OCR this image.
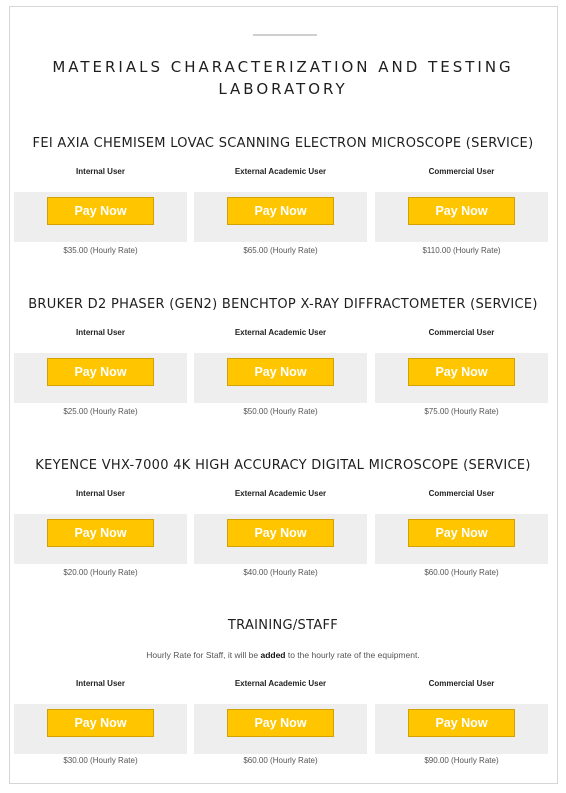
MATERIALS CHARACTERIZATION AND TESTING
LABORATORY
FEI AXIA CHEMISEM LOVAC SCANNING ELECTRON MICROSCOPE (SERVICE)
Internal User
Pay Now
$35.00 (Hourly Rate)
External Academic User
Pay Now
$65.00 (Hourly Rate)
Commercial User
Pay Now
$110.00 (Hourly Rate)
BRUKER D2 PHASER (GEN2) BENCHTOP X-RAY DIFFRACTOMETER (SERVICE)
Internal User
Pay Now
$25.00 (Hourly Rate)
External Academic User
Pay Now
$50.00 (Hourly Rate)
Commercial User
Pay Now
$75.00 (Hourly Rate)
KEYENCE VHX-7000 4K HIGH ACCURACY DIGITAL MICROSCOPE (SERVICE)
Internal User
Pay Now
$20.00 (Hourly Rate)
External Academic User
Pay Now
$40.00 (Hourly Rate)
Commercial User
Pay Now
$60.00 (Hourly Rate)
TRAINING/STAFF
Hourly Rate for Staff, it will be added to the hourly rate of the equipment.
Internal User
Pay Now
$30.00 (Hourly Rate)
External Academic User
Pay Now
$60.00 (Hourly Rate)
Commercial User
Pay Now
$90.00 (Hourly Rate)
